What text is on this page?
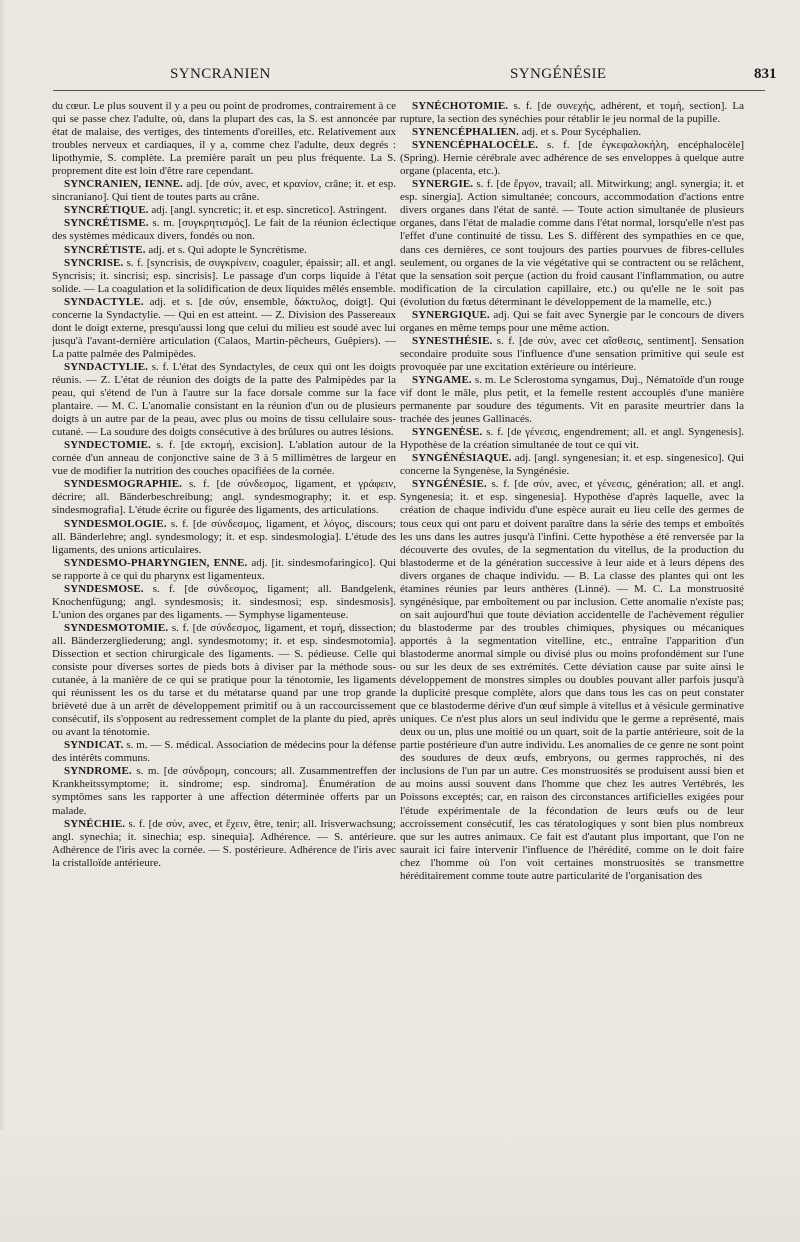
SYNCRANIEN	SYNGÉNÉSIE	831

du cœur. Le plus souvent il y a peu ou point de prodromes, contrairement à ce qui se passe chez l'adulte, où, dans la plupart des cas, la S. est annoncée par état de malaise, des vertiges, des tintements d'oreilles, etc. Relativement aux troubles nerveux et cardiaques, il y a, comme chez l'adulte, deux degrés : lipothymie, S. complète. La première paraît un peu plus fréquente. La S. proprement dite est loin d'être rare cependant.

SYNCRANIEN, IENNE. adj. [de σύν, avec, et κρανίον, crâne; it. et esp. sincraniano]. Qui tient de toutes parts au crâne.

SYNCRÉTIQUE. adj. [angl. syncretic; it. et esp. sincretico]. Astringent.

SYNCRÉTISME. s. m. [συγκρητισμός]. Le fait de la réunion éclectique des systèmes médicaux divers, fondés ou non.

SYNCRÉTISTE. adj. et s. Qui adopte le Syncrétisme.

SYNCRISE. s. f. [syncrisis, de συγκρίνειν, coaguler, épaissir; all. et angl. Syncrisis; it. sincrisi; esp. sincrisis]. Le passage d'un corps liquide à l'état solide. — La coagulation et la solidification de deux liquides mêlés ensemble.

SYNDACTYLE. adj. et s. [de σύν, ensemble, δάκτυλος, doigt]. Qui concerne la Syndactylie. — Qui en est atteint. — Z. Division des Passereaux dont le doigt externe, presqu'aussi long que celui du milieu est soudé avec lui jusqu'à l'avant-dernière articulation (Calaos, Martin-pêcheurs, Guêpiers). — La patte palmée des Palmipèdes.

SYNDACTYLIE. s. f. L'état des Syndactyles, de ceux qui ont les doigts réunis. — Z. L'état de réunion des doigts de la patte des Palmipèdes par la peau, qui s'étend de l'un à l'autre sur la face dorsale comme sur la face plantaire. — M. C. L'anomalie consistant en la réunion d'un ou de plusieurs doigts à un autre par de la peau, avec plus ou moins de tissu cellulaire sous-cutané. — La soudure des doigts consécutive à des brûlures ou autres lésions.

SYNDECTOMIE. s. f. [de εκτομή, excision]. L'ablation autour de la cornée d'un anneau de conjonctive saine de 3 à 5 millimètres de largeur en vue de modifier la nutrition des couches opacifiées de la cornée.

SYNDESMOGRAPHIE. s. f. [de σύνδεσμος, ligament, et γράφειν, décrire; all. Bänderbeschreibung; angl. syndesmography; it. et esp. sindesmografia]. L'étude écrite ou figurée des ligaments, des articulations.

SYNDESMOLOGIE. s. f. [de σύνδεσμος, ligament, et λόγος, discours; all. Bänderlehre; angl. syndesmology; it. et esp. sindesmologia]. L'étude des ligaments, des unions articulaires.

SYNDESMO-PHARYNGIEN, ENNE. adj. [it. sindesmofaringico]. Qui se rapporte à ce qui du pharynx est ligamenteux.

SYNDESMOSE. s. f. [de σύνδεσμος, ligament; all. Bandgelenk, Knochenfügung; angl. syndesmosis; it. sindesmosi; esp. sindesmosis]. L'union des organes par des ligaments. — Symphyse ligamenteuse.

SYNDESMOTOMIE. s. f. [de σύνδεσμος, ligament, et τομή, dissection; all. Bänderzergliederung; angl. syndesmotomy; it. et esp. sindesmotomia]. Dissection et section chirurgicale des ligaments. — S. pédieuse. Celle qui consiste pour diverses sortes de pieds bots à diviser par la méthode sous-cutanée, à la manière de ce qui se pratique pour la ténotomie, les ligaments qui réunissent les os du tarse et du métatarse quand par une trop grande brièveté due à un arrêt de développement primitif ou à un raccourcissement consécutif, ils s'opposent au redressement complet de la plante du pied, après ou avant la ténotomie.

SYNDICAT. s. m. — S. médical. Association de médecins pour la défense des intérêts communs.

SYNDROME. s. m. [de σύνδρομη, concours; all. Zusammentreffen der Krankheitssymptome; it. sindrome; esp. sindroma]. Énumération de symptômes sans les rapporter à une affection déterminée offerts par un malade.

SYNÉCHIE. s. f. [de σύν, avec, et ἔχειν, être, tenir; all. Irisverwachsung; angl. synechia; it. sinechia; esp. sinequia]. Adhérence. — S. antérieure. Adhérence de l'iris avec la cornée. — S. postérieure. Adhérence de l'iris avec la cristalloïde antérieure.

SYNÉCHOTOMIE. s. f. [de συνεχής, adhérent, et τομή, section]. La rupture, la section des synéchies pour rétablir le jeu normal de la pupille.

SYNENCÉPHALIEN. adj. et s. Pour Sycéphalien.

SYNENCÉPHALOCÈLE. s. f. [de ἐγκεφαλοκήλη, encéphalocèle] (Spring). Hernie cérébrale avec adhérence de ses enveloppes à quelque autre organe (placenta, etc.).

SYNERGIE. s. f. [de ἔργον, travail; all. Mitwirkung; angl. synergia; it. et esp. sinergia]. Action simultanée; concours, accommodation d'actions entre divers organes dans l'état de santé. — Toute action simultanée de plusieurs organes, dans l'état de maladie comme dans l'état normal, lorsqu'elle n'est pas l'effet d'une continuité de tissu. Les S. diffèrent des sympathies en ce que, dans ces dernières, ce sont toujours des parties pourvues de fibres-cellules seulement, ou organes de la vie végétative qui se contractent ou se relâchent, que la sensation soit perçue (action du froid causant l'inflammation, ou autre modification de la circulation capillaire, etc.) ou qu'elle ne le soit pas (évolution du fœtus déterminant le développement de la mamelle, etc.)

SYNERGIQUE. adj. Qui se fait avec Synergie par le concours de divers organes en même temps pour une même action.

SYNESTHÉSIE. s. f. [de σύν, avec cet αἴσθεσις, sentiment]. Sensation secondaire produite sous l'influence d'une sensation primitive qui seule est provoquée par une excitation extérieure ou intérieure.

SYNGAME. s. m. Le Sclerostoma syngamus, Duj., Nématoïde d'un rouge vif dont le mâle, plus petit, et la femelle restent accouplés d'une manière permanente par soudure des téguments. Vit en parasite meurtrier dans la trachée des jeunes Gallinacés.

SYNGENÈSE. s. f. [de γένεσις, engendrement; all. et angl. Syngenesis]. Hypothèse de la création simultanée de tout ce qui vit.

SYNGÉNÉSIAQUE. adj. [angl. syngenesian; it. et esp. singenesico]. Qui concerne la Syngenèse, la Syngénésie.

SYNGÉNÉSIE. s. f. [de σύν, avec, et γένεσις, génération; all. et angl. Syngenesia; it. et esp. singenesia]. Hypothèse d'après laquelle, avec la création de chaque individu d'une espèce aurait eu lieu celle des germes de tous ceux qui ont paru et doivent paraître dans la série des temps et emboîtés les uns dans les autres jusqu'à l'infini. Cette hypothèse a été renversée par la découverte des ovules, de la segmentation du vitellus, de la production du blastoderme et de la génération successive à leur aide et à leurs dépens des divers organes de chaque individu. — B. La classe des plantes qui ont les étamines réunies par leurs anthères (Linné). — M. C. La monstruosité syngénésique, par emboîtement ou par inclusion. Cette anomalie n'existe pas; on sait aujourd'hui que toute déviation accidentelle de l'achèvement régulier du blastoderme par des troubles chimiques, physiques ou mécaniques apportés à la segmentation vitelline, etc., entraîne l'apparition d'un blastoderme anormal simple ou divisé plus ou moins profondément sur l'une ou sur les deux de ses extrémités. Cette déviation cause par suite ainsi le développement de monstres simples ou doubles pouvant aller parfois jusqu'à la duplicité presque complète, alors que dans tous les cas on peut constater que ce blastoderme dérive d'un œuf simple à vitellus et à vésicule germinative uniques. Ce n'est plus alors un seul individu que le germe a représenté, mais deux ou un, plus une moitié ou un quart, soit de la partie antérieure, soit de la partie postérieure d'un autre individu. Les anomalies de ce genre ne sont point des soudures de deux œufs, embryons, ou germes rapprochés, ni des inclusions de l'un par un autre. Ces monstruosités se produisent aussi bien et au moins aussi souvent dans l'homme que chez les autres Vertébrés, les Poissons exceptés; car, en raison des circonstances artificielles exigées pour l'étude expérimentale de la fécondation de leurs œufs ou de leur accroissement consécutif, les cas tératologiques y sont bien plus nombreux que sur les autres animaux. Ce fait est d'autant plus important, que l'on ne saurait ici faire intervenir l'influence de l'hérédité, comme on le doit faire chez l'homme où l'on voit certaines monstruosités se transmettre héréditairement comme toute autre particularité de l'organisation des
